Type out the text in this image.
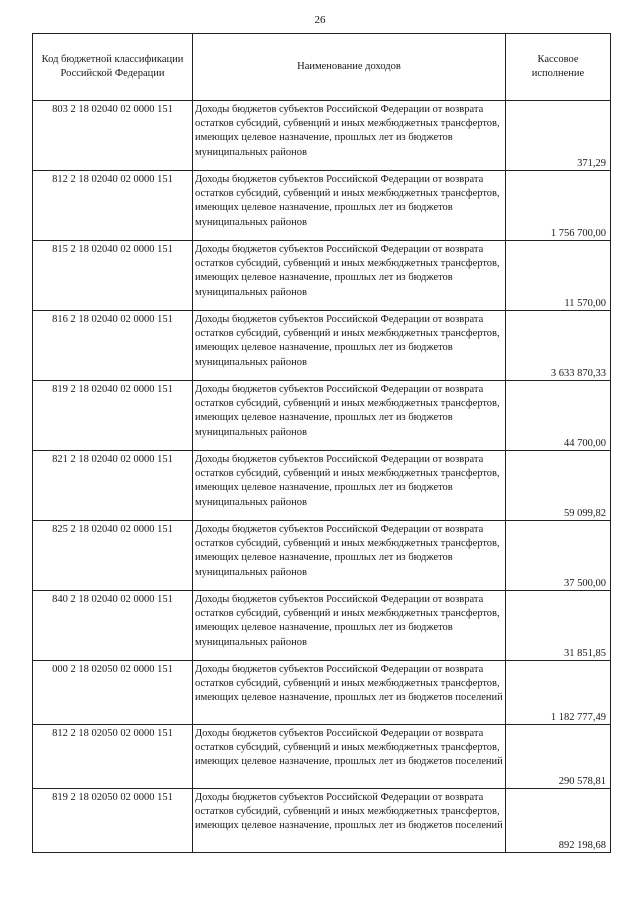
26
Код бюджетной классификации Российской Федерации	Наименование доходов	Кассовое исполнение
803 2 18 02040 02 0000 151	Доходы бюджетов субъектов Российской Федерации от возврата остатков субсидий, субвенций и иных межбюджетных трансфертов, имеющих целевое назначение, прошлых лет из бюджетов муниципальных районов	371,29
812 2 18 02040 02 0000 151	Доходы бюджетов субъектов Российской Федерации от возврата остатков субсидий, субвенций и иных межбюджетных трансфертов, имеющих целевое назначение, прошлых лет из бюджетов муниципальных районов	1 756 700,00
815 2 18 02040 02 0000 151	Доходы бюджетов субъектов Российской Федерации от возврата остатков субсидий, субвенций и иных межбюджетных трансфертов, имеющих целевое назначение, прошлых лет из бюджетов муниципальных районов	11 570,00
816 2 18 02040 02 0000 151	Доходы бюджетов субъектов Российской Федерации от возврата остатков субсидий, субвенций и иных межбюджетных трансфертов, имеющих целевое назначение, прошлых лет из бюджетов муниципальных районов	3 633 870,33
819 2 18 02040 02 0000 151	Доходы бюджетов субъектов Российской Федерации от возврата остатков субсидий, субвенций и иных межбюджетных трансфертов, имеющих целевое назначение, прошлых лет из бюджетов муниципальных районов	44 700,00
821 2 18 02040 02 0000 151	Доходы бюджетов субъектов Российской Федерации от возврата остатков субсидий, субвенций и иных межбюджетных трансфертов, имеющих целевое назначение, прошлых лет из бюджетов муниципальных районов	59 099,82
825 2 18 02040 02 0000 151	Доходы бюджетов субъектов Российской Федерации от возврата остатков субсидий, субвенций и иных межбюджетных трансфертов, имеющих целевое назначение, прошлых лет из бюджетов муниципальных районов	37 500,00
840 2 18 02040 02 0000 151	Доходы бюджетов субъектов Российской Федерации от возврата остатков субсидий, субвенций и иных межбюджетных трансфертов, имеющих целевое назначение, прошлых лет из бюджетов муниципальных районов	31 851,85
000 2 18 02050 02 0000 151	Доходы бюджетов субъектов Российской Федерации от возврата остатков субсидий, субвенций и иных межбюджетных трансфертов, имеющих целевое назначение, прошлых лет из бюджетов поселений	1 182 777,49
812 2 18 02050 02 0000 151	Доходы бюджетов субъектов Российской Федерации от возврата остатков субсидий, субвенций и иных межбюджетных трансфертов, имеющих целевое назначение, прошлых лет из бюджетов поселений	290 578,81
819 2 18 02050 02 0000 151	Доходы бюджетов субъектов Российской Федерации от возврата остатков субсидий, субвенций и иных межбюджетных трансфертов, имеющих целевое назначение, прошлых лет из бюджетов поселений	892 198,68
